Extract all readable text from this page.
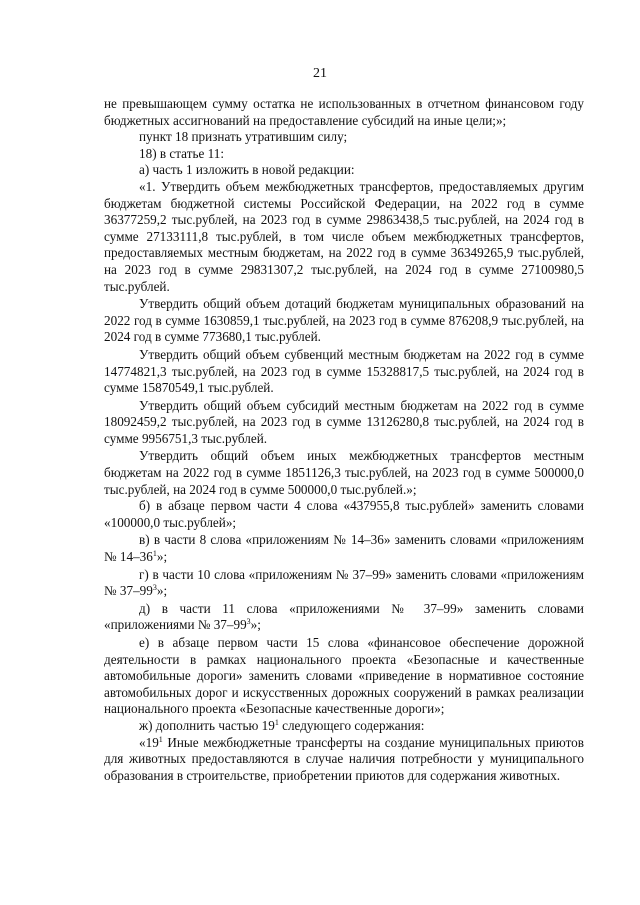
21

не превышающем сумму остатка не использованных в отчетном финансовом году бюджетных ассигнований на предоставление субсидий на иные цели;»;

пункт 18 признать утратившим силу;

18) в статье 11:

а) часть 1 изложить в новой редакции:

«1. Утвердить объем межбюджетных трансфертов, предоставляемых другим бюджетам бюджетной системы Российской Федерации, на 2022 год в сумме 36377259,2 тыс.рублей, на 2023 год в сумме 29863438,5 тыс.рублей, на 2024 год в сумме 27133111,8 тыс.рублей, в том числе объем межбюджетных трансфертов, предоставляемых местным бюджетам, на 2022 год в сумме 36349265,9 тыс.рублей, на 2023 год в сумме 29831307,2 тыс.рублей, на 2024 год в сумме 27100980,5 тыс.рублей.

Утвердить общий объем дотаций бюджетам муниципальных образований на 2022 год в сумме 1630859,1 тыс.рублей, на 2023 год в сумме 876208,9 тыс.рублей, на 2024 год в сумме 773680,1 тыс.рублей.

Утвердить общий объем субвенций местным бюджетам на 2022 год в сумме 14774821,3 тыс.рублей, на 2023 год в сумме 15328817,5 тыс.рублей, на 2024 год в сумме 15870549,1 тыс.рублей.

Утвердить общий объем субсидий местным бюджетам на 2022 год в сумме 18092459,2 тыс.рублей, на 2023 год в сумме 13126280,8 тыс.рублей, на 2024 год в сумме 9956751,3 тыс.рублей.

Утвердить общий объем иных межбюджетных трансфертов местным бюджетам на 2022 год в сумме 1851126,3 тыс.рублей, на 2023 год в сумме 500000,0 тыс.рублей, на 2024 год в сумме 500000,0 тыс.рублей.»;

б) в абзаце первом части 4 слова «437955,8 тыс.рублей» заменить словами «100000,0 тыс.рублей»;

в) в части 8 слова «приложениям № 14–36» заменить словами «приложениям № $14-36^1$»;

г) в части 10 слова «приложениям № 37–99» заменить словами «приложениям № $37-99^3$»;

д) в части 11 слова «приложениями № 37–99» заменить словами «приложениями № $37-99^3$»;

е) в абзаце первом части 15 слова «финансовое обеспечение дорожной деятельности в рамках национального проекта «Безопасные и качественные автомобильные дороги» заменить словами «приведение в нормативное состояние автомобильных дорог и искусственных дорожных сооружений в рамках реализации национального проекта «Безопасные качественные дороги»;

ж) дополнить частью $19^1$ следующего содержания:

«$19^1$ Иные межбюджетные трансферты на создание муниципальных приютов для животных предоставляются в случае наличия потребности у муниципального образования в строительстве, приобретении приютов для содержания животных.
